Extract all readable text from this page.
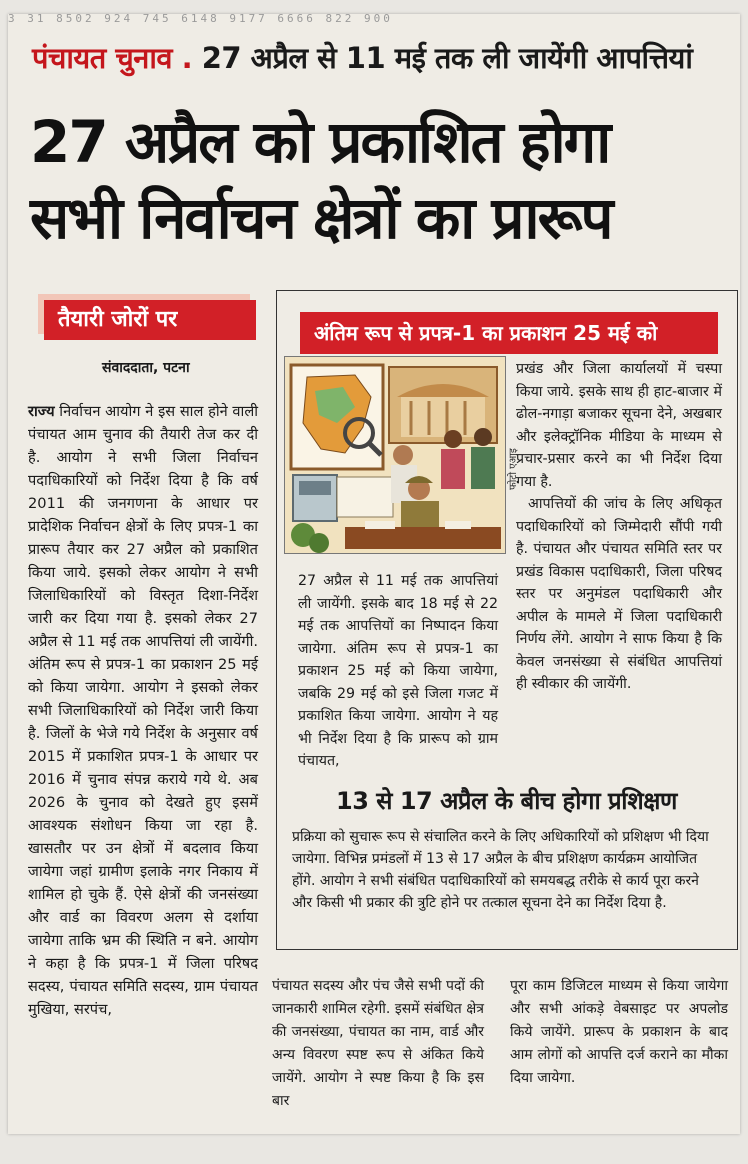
3 31 8502 924 745 6148 9177 6666 822 900
पंचायत चुनाव . 27 अप्रैल से 11 मई तक ली जायेंगी आपत्तियां
27 अप्रैल को प्रकाशित होगा
सभी निर्वाचन क्षेत्रों का प्रारूप
तैयारी जोरों पर
संवाददाता, पटना
राज्य निर्वाचन आयोग ने इस साल होने वाली पंचायत आम चुनाव की तैयारी तेज कर दी है. आयोग ने सभी जिला निर्वाचन पदाधिकारियों को निर्देश दिया है कि वर्ष 2011 की जनगणना के आधार पर प्रादेशिक निर्वाचन क्षेत्रों के लिए प्रपत्र-1 का प्रारूप तैयार कर 27 अप्रैल को प्रकाशित किया जाये. इसको लेकर आयोग ने सभी जिलाधिकारियों को विस्तृत दिशा-निर्देश जारी कर दिया गया है. इसको लेकर 27 अप्रैल से 11 मई तक आपत्तियां ली जायेंगी. अंतिम रूप से प्रपत्र-1 का प्रकाशन 25 मई को किया जायेगा. आयोग ने इसको लेकर सभी जिलाधिकारियों को निर्देश जारी किया है. जिलों के भेजे गये निर्देश के अनुसार वर्ष 2015 में प्रकाशित प्रपत्र-1 के आधार पर 2016 में चुनाव संपन्न कराये गये थे. अब 2026 के चुनाव को देखते हुए इसमें आवश्यक संशोधन किया जा रहा है. खासतौर पर उन क्षेत्रों में बदलाव किया जायेगा जहां ग्रामीण इलाके नगर निकाय में शामिल हो चुके हैं. ऐसे क्षेत्रों की जनसंख्या और वार्ड का विवरण अलग से दर्शाया जायेगा ताकि भ्रम की स्थिति न बने. आयोग ने कहा है कि प्रपत्र-1 में जिला परिषद सदस्य, पंचायत समिति सदस्य, ग्राम पंचायत मुखिया, सरपंच,
अंतिम रूप से प्रपत्र-1 का प्रकाशन 25 मई को
फोटो एआइ
27 अप्रैल से 11 मई तक आपत्तियां ली जायेंगी. इसके बाद 18 मई से 22 मई तक आपत्तियों का निष्पादन किया जायेगा. अंतिम रूप से प्रपत्र-1 का प्रकाशन 25 मई को किया जायेगा, जबकि 29 मई को इसे जिला गजट में प्रकाशित किया जायेगा. आयोग ने यह भी निर्देश दिया है कि प्रारूप को ग्राम पंचायत,
प्रखंड और जिला कार्यालयों में चस्पा किया जाये. इसके साथ ही हाट-बाजार में ढोल-नगाड़ा बजाकर सूचना देने, अखबार और इलेक्ट्रॉनिक मीडिया के माध्यम से प्रचार-प्रसार करने का भी निर्देश दिया गया है.
आपत्तियों की जांच के लिए अधिकृत पदाधिकारियों को जिम्मेदारी सौंपी गयी है. पंचायत और पंचायत समिति स्तर पर प्रखंड विकास पदाधिकारी, जिला परिषद स्तर पर अनुमंडल पदाधिकारी और अपील के मामले में जिला पदाधिकारी निर्णय लेंगे. आयोग ने साफ किया है कि केवल जनसंख्या से संबंधित आपत्तियां ही स्वीकार की जायेंगी.
13 से 17 अप्रैल के बीच होगा प्रशिक्षण
प्रक्रिया को सुचारू रूप से संचालित करने के लिए अधिकारियों को प्रशिक्षण भी दिया जायेगा. विभिन्न प्रमंडलों में 13 से 17 अप्रैल के बीच प्रशिक्षण कार्यक्रम आयोजित होंगे. आयोग ने सभी संबंधित पदाधिकारियों को समयबद्ध तरीके से कार्य पूरा करने और किसी भी प्रकार की त्रुटि होने पर तत्काल सूचना देने का निर्देश दिया है.
पंचायत सदस्य और पंच जैसे सभी पदों की जानकारी शामिल रहेगी. इसमें संबंधित क्षेत्र की जनसंख्या, पंचायत का नाम, वार्ड और अन्य विवरण स्पष्ट रूप से अंकित किये जायेंगे. आयोग ने स्पष्ट किया है कि इस बार
पूरा काम डिजिटल माध्यम से किया जायेगा और सभी आंकड़े वेबसाइट पर अपलोड किये जायेंगे. प्रारूप के प्रकाशन के बाद आम लोगों को आपत्ति दर्ज कराने का मौका दिया जायेगा.
